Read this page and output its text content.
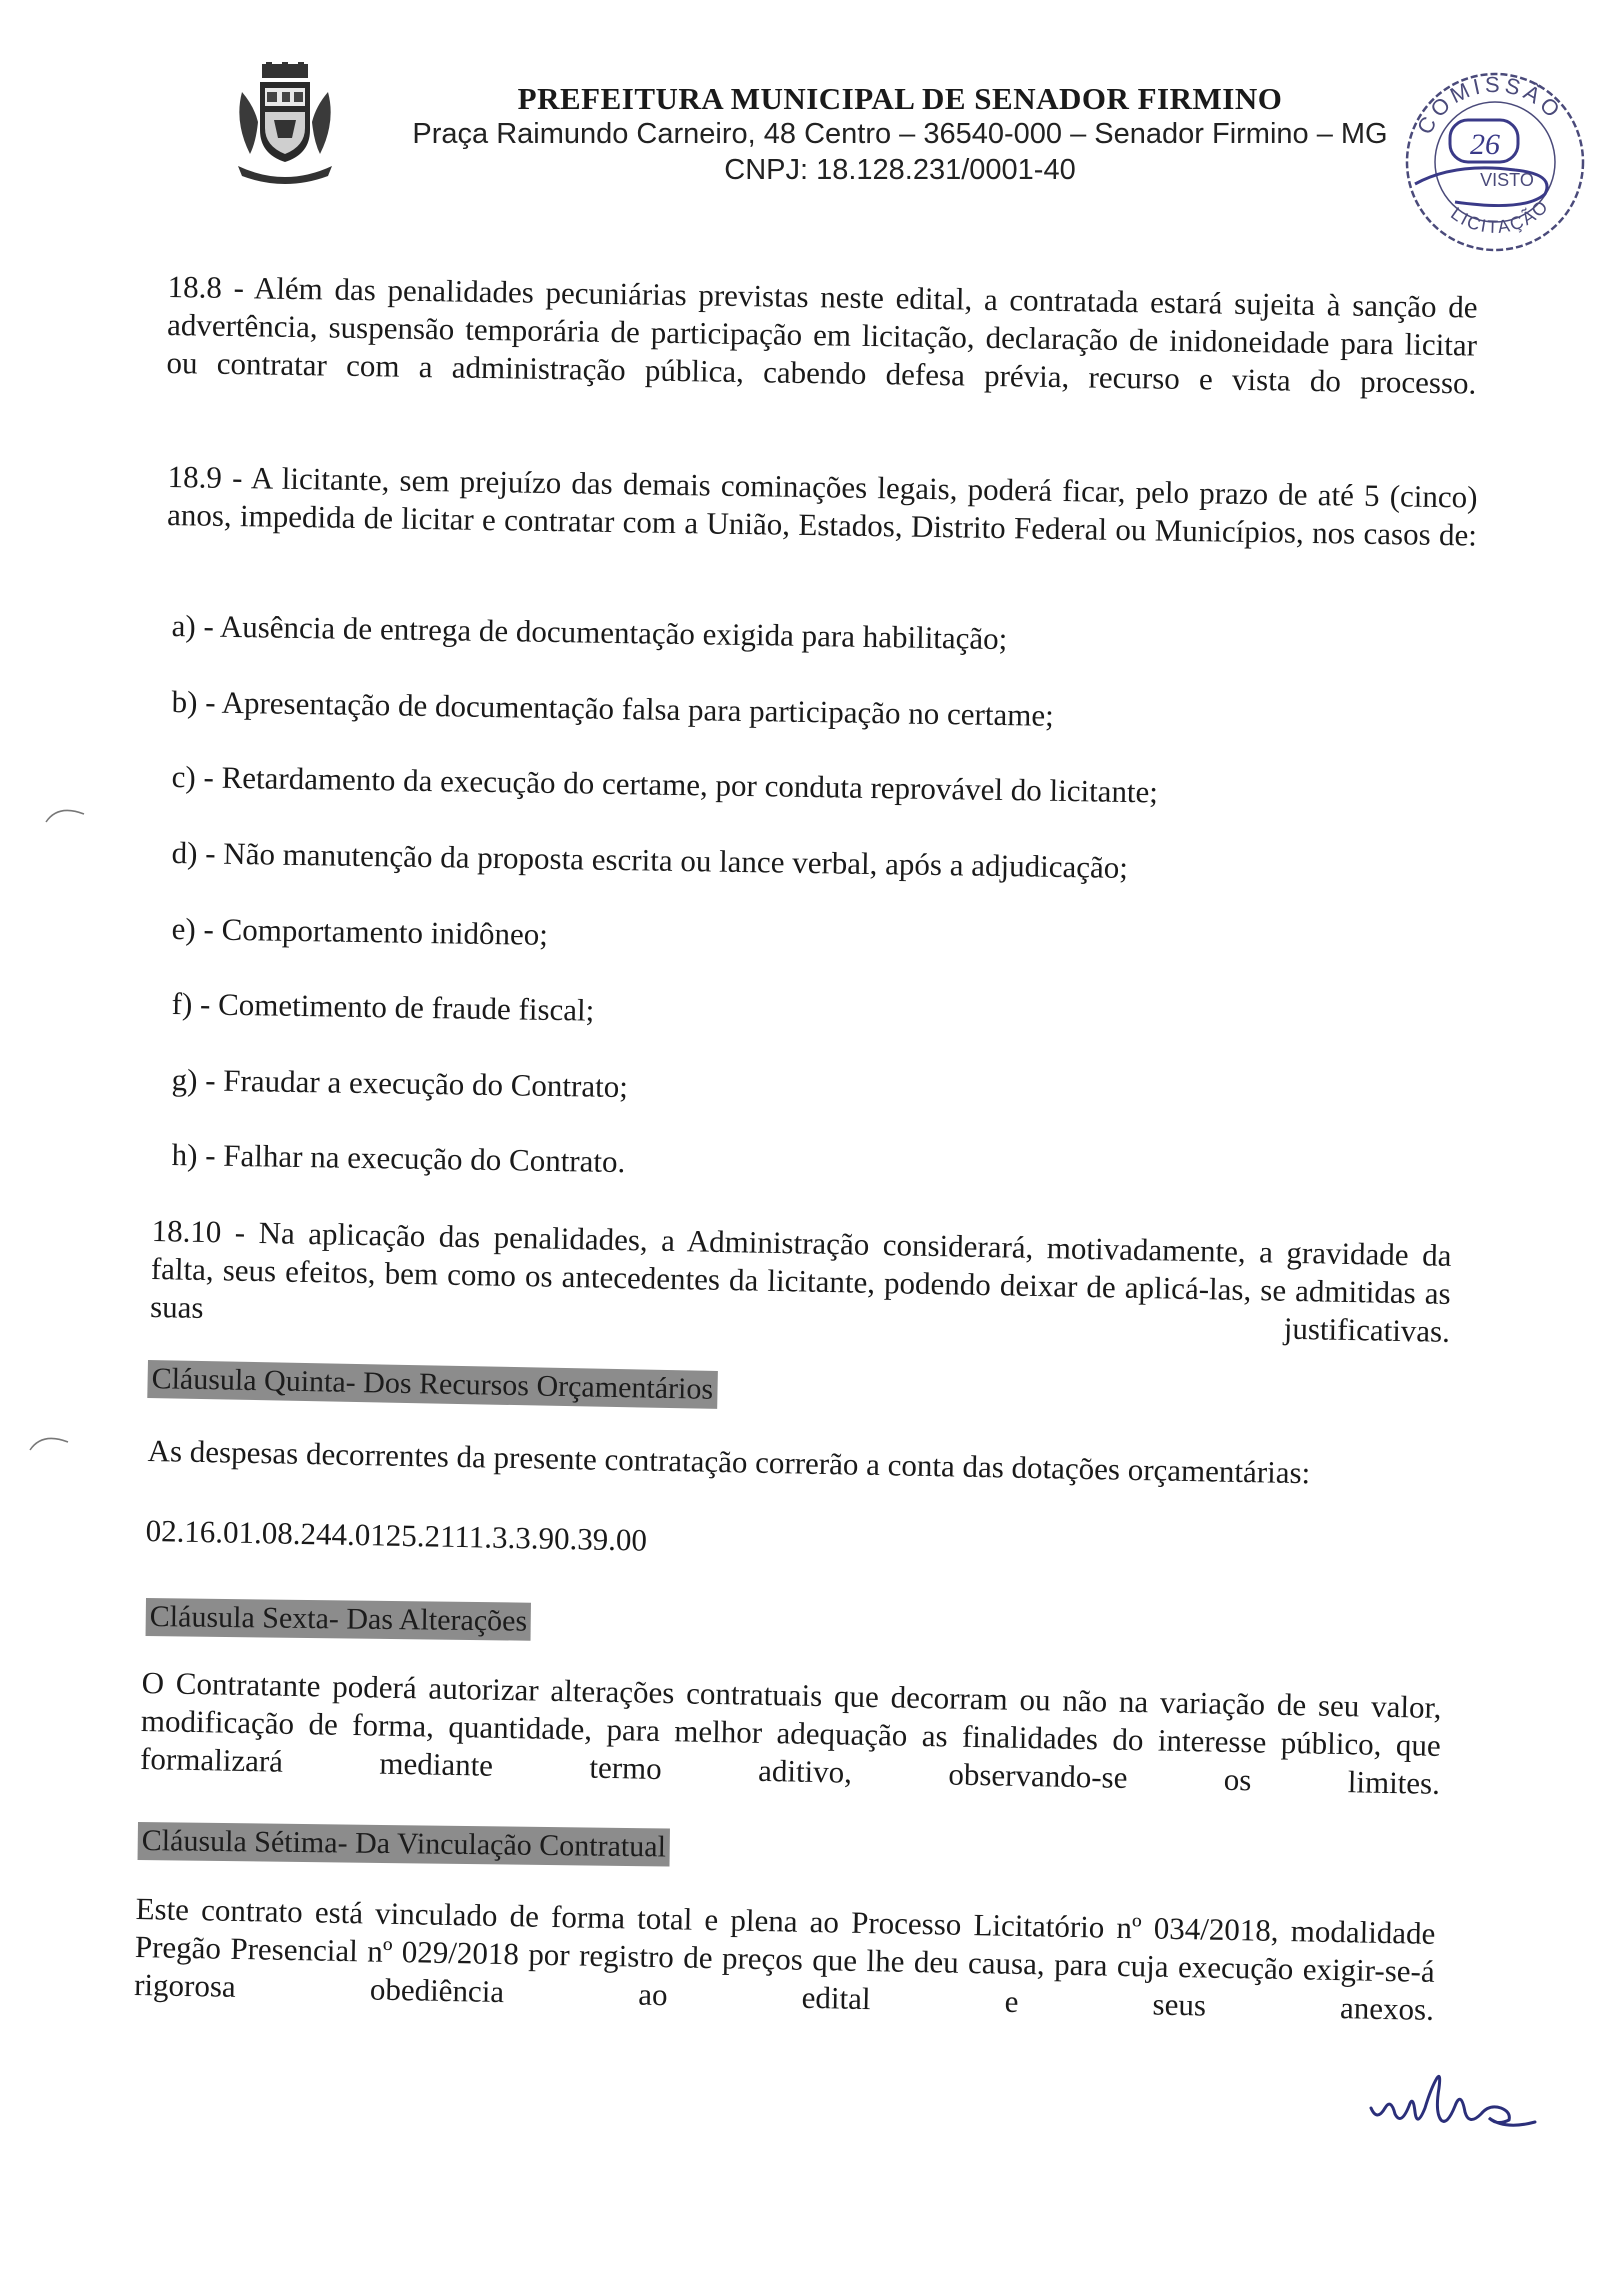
PREFEITURA MUNICIPAL DE SENADOR FIRMINO
Praça Raimundo Carneiro, 48 Centro – 36540-000 – Senador Firmino – MG
CNPJ: 18.128.231/0001-40
COMISSÃO
LICITAÇÃO
26
VISTO
18.8 - Além das penalidades pecuniárias previstas neste edital, a contratada estará sujeita à sanção de advertência, suspensão temporária de participação em licitação, declaração de inidoneidade para licitar ou contratar com a administração pública, cabendo defesa prévia, recurso e vista do processo.
18.9 - A licitante, sem prejuízo das demais cominações legais, poderá ficar, pelo prazo de até 5 (cinco) anos, impedida de licitar e contratar com a União, Estados, Distrito Federal ou Municípios, nos casos de:
a) - Ausência de entrega de documentação exigida para habilitação;
b) - Apresentação de documentação falsa para participação no certame;
c) - Retardamento da execução do certame, por conduta reprovável do licitante;
d) - Não manutenção da proposta escrita ou lance verbal, após a adjudicação;
e) - Comportamento inidôneo;
f) - Cometimento de fraude fiscal;
g) - Fraudar a execução do Contrato;
h) - Falhar na execução do Contrato.
18.10 - Na aplicação das penalidades, a Administração considerará, motivadamente, a gravidade da falta, seus efeitos, bem como os antecedentes da licitante, podendo deixar de aplicá-las, se admitidas as suas justificativas.
Cláusula Quinta- Dos Recursos Orçamentários
As despesas decorrentes da presente contratação correrão a conta das dotações orçamentárias:
02.16.01.08.244.0125.2111.3.3.90.39.00
Cláusula Sexta- Das Alterações
O Contratante poderá autorizar alterações contratuais que decorram ou não na variação de seu valor, modificação de forma, quantidade, para melhor adequação as finalidades do interesse público, que formalizará mediante termo aditivo, observando-se os limites.
Cláusula Sétima- Da Vinculação Contratual
Este contrato está vinculado de forma total e plena ao Processo Licitatório nº 034/2018, modalidade Pregão Presencial nº 029/2018 por registro de preços que lhe deu causa, para cuja execução exigir-se-á rigorosa obediência ao edital e seus anexos.
